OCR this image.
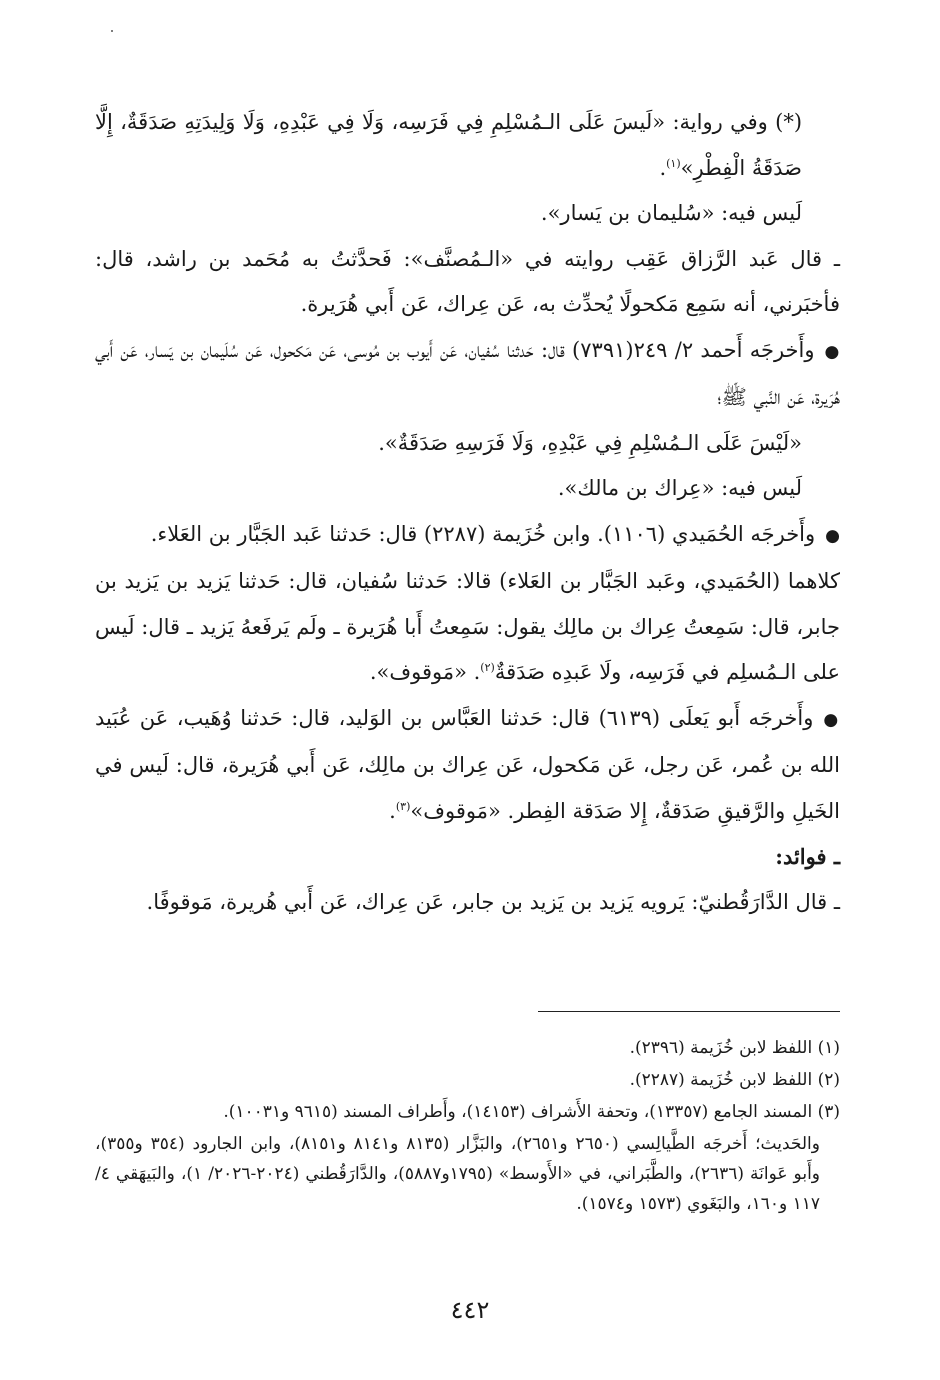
(*) وفي رواية: «لَيسَ عَلَى الـمُسْلِمِ فِي فَرَسِه، وَلَا فِي عَبْدِهِ، وَلَا وَلِيدَتِهِ صَدَقَةٌ، إِلَّا صَدَقَةُ الْفِطْرِ»$^{(١)}$.

لَيس فيه: «سُليمان بن يَسار».

ـ قال عَبد الرَّزاق عَقِب روايته في «الـمُصنَّف»: فَحدَّثتُ به مُحَمد بن راشد، قال: فأخبَرني، أنه سَمِع مَكحولًا يُحدِّث به، عَن عِراك، عَن أَبي هُرَيرة.

●وأَخرجَه أَحمد ٢/ ٢٤٩(٧٣٩١) قال: حَدثنا سُفيان، عَن أَيوب بن مُوسى، عَن مَكحول، عَن سُلَيمان بن يَسار، عَن أَبي هُرَيرة، عَن النَّبي ﷺ؛

«لَيْسَ عَلَى الـمُسْلِمِ فِي عَبْدِهِ، وَلَا فَرَسِهِ صَدَقَةٌ».

لَيس فيه: «عِراك بن مالك».

●وأَخرجَه الحُمَيدي (١١٠٦). وابن خُزَيمة (٢٢٨٧) قال: حَدثنا عَبد الجَبَّار بن العَلاء.

كلاهما (الحُمَيدي، وعَبد الجَبَّار بن العَلاء) قالا: حَدثنا سُفيان، قال: حَدثنا يَزيد بن يَزيد بن جابر، قال: سَمِعتُ عِراك بن مالِك يقول: سَمِعتُ أَبا هُرَيرة ـ ولَم يَرفَعهُ يَزيد ـ قال: لَيس على الـمُسلِم في فَرَسِه، ولَا عَبدِه صَدَقةٌ$^{(٢)}$. «مَوقوف».

●وأَخرجَه أَبو يَعلَى (٦١٣٩) قال: حَدثنا العَبَّاس بن الوَليد، قال: حَدثنا وُهَيب، عَن عُبَيد الله بن عُمر، عَن رجل، عَن مَكحول، عَن عِراك بن مالِك، عَن أَبي هُرَيرة، قال: لَيس في الخَيلِ والرَّقيقِ صَدَقةٌ، إِلا صَدَقة الفِطر. «مَوقوف»$^{(٣)}$.

ـ فوائد:

ـ قال الدَّارَقُطنيّ: يَرويه يَزيد بن يَزيد بن جابر، عَن عِراك، عَن أَبي هُريرة، مَوقوفًا.

(١) اللفظ لابن خُزَيمة (٢٣٩٦).

(٢) اللفظ لابن خُزَيمة (٢٢٨٧).

(٣) المسند الجامع (١٣٣٥٧)، وتحفة الأَشراف (١٤١٥٣)، وأَطراف المسند (٩٦١٥ و١٠٠٣١).

والحَديث؛ أَخرجَه الطَّيالِسي (٢٦٥٠ و٢٦٥١)، والبَزَّار (٨١٣٥ و٨١٤١ و٨١٥١)، وابن الجارود (٣٥٤ و٣٥٥)، وأَبو عَوانَة (٢٦٣٦)، والطَّبَراني، في «الأَوسط» (١٧٩٥و٥٨٨٧)، والدَّارَقُطني (٢٠٢٤-٢٠٢٦/ ١)، والبَيهَقي ٤/ ١١٧ و١٦٠، والبَغَوي (١٥٧٣ و١٥٧٤).

٤٤٢
